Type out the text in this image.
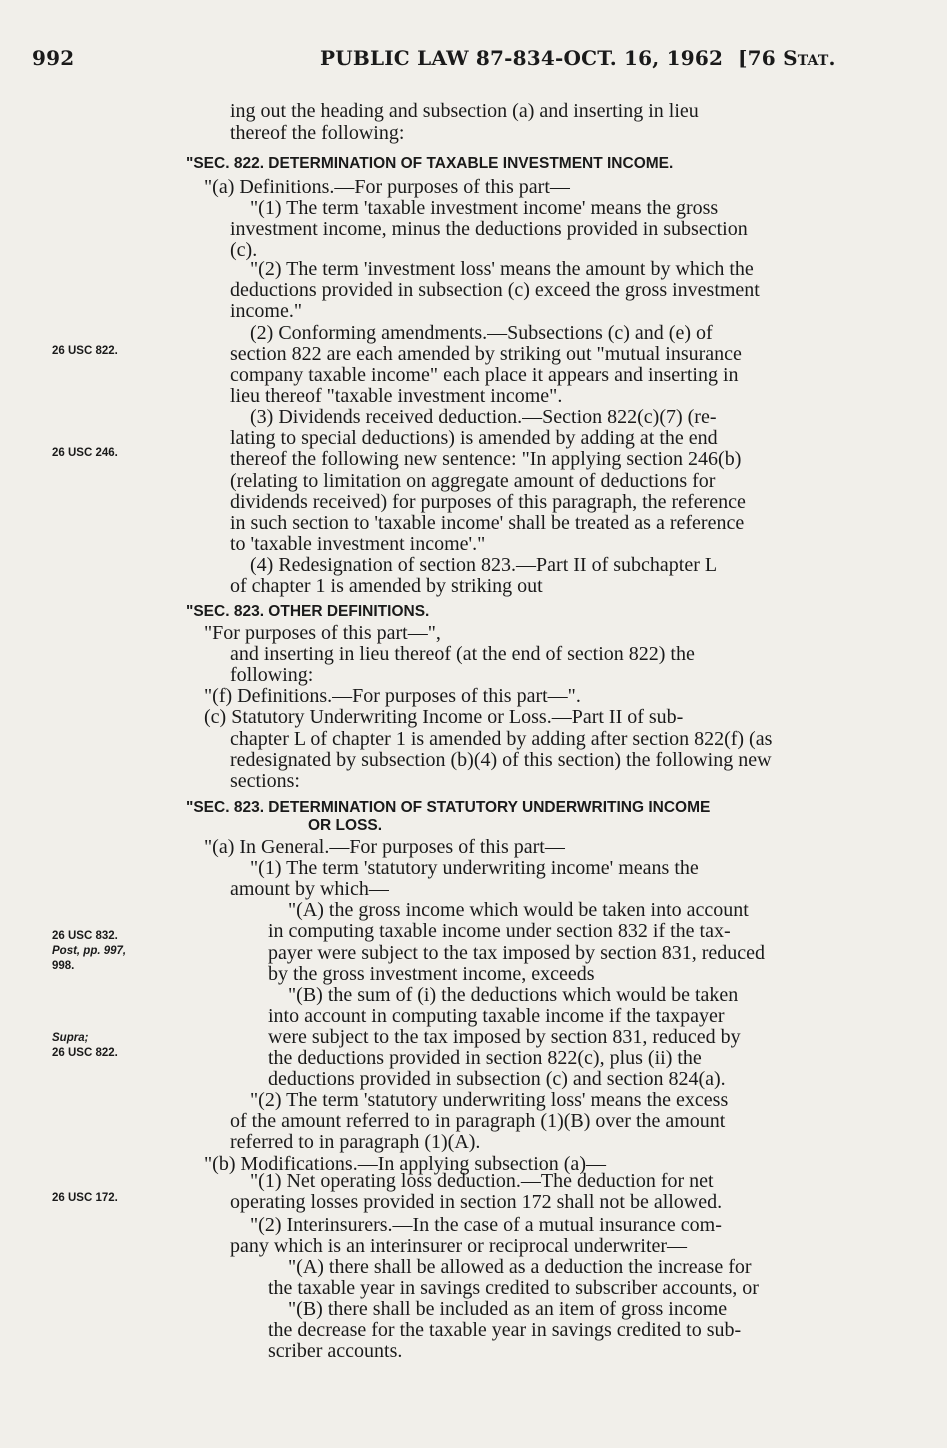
992	PUBLIC LAW 87-834-OCT. 16, 1962 [76 Stat.
26 USC 822.
26 USC 246.
26 USC 832.
Post, pp. 997,
998.
Supra;
26 USC 822.
26 USC 172.
ing out the heading and subsection (a) and inserting in lieu
thereof the following:
"SEC. 822. DETERMINATION OF TAXABLE INVESTMENT INCOME.
"(a) Definitions.—For purposes of this part—
"(1) The term 'taxable investment income' means the gross
investment income, minus the deductions provided in subsection
(c).
"(2) The term 'investment loss' means the amount by which the
deductions provided in subsection (c) exceed the gross investment
income."
(2) Conforming amendments.—Subsections (c) and (e) of
section 822 are each amended by striking out "mutual insurance
company taxable income" each place it appears and inserting in
lieu thereof "taxable investment income".
(3) Dividends received deduction.—Section 822(c)(7) (re-
lating to special deductions) is amended by adding at the end
thereof the following new sentence: "In applying section 246(b)
(relating to limitation on aggregate amount of deductions for
dividends received) for purposes of this paragraph, the reference
in such section to 'taxable income' shall be treated as a reference
to 'taxable investment income'."
(4) Redesignation of section 823.—Part II of subchapter L
of chapter 1 is amended by striking out
"SEC. 823. OTHER DEFINITIONS.
"For purposes of this part—",
and inserting in lieu thereof (at the end of section 822) the
following:
"(f) Definitions.—For purposes of this part—".
(c) Statutory Underwriting Income or Loss.—Part II of sub-
chapter L of chapter 1 is amended by adding after section 822(f) (as
redesignated by subsection (b)(4) of this section) the following new
sections:
"SEC. 823. DETERMINATION OF STATUTORY UNDERWRITING INCOME
OR LOSS.
"(a) In General.—For purposes of this part—
"(1) The term 'statutory underwriting income' means the
amount by which—
"(A) the gross income which would be taken into account
in computing taxable income under section 832 if the tax-
payer were subject to the tax imposed by section 831, reduced
by the gross investment income, exceeds
"(B) the sum of (i) the deductions which would be taken
into account in computing taxable income if the taxpayer
were subject to the tax imposed by section 831, reduced by
the deductions provided in section 822(c), plus (ii) the
deductions provided in subsection (c) and section 824(a).
"(2) The term 'statutory underwriting loss' means the excess
of the amount referred to in paragraph (1)(B) over the amount
referred to in paragraph (1)(A).
"(b) Modifications.—In applying subsection (a)—
"(1) Net operating loss deduction.—The deduction for net
operating losses provided in section 172 shall not be allowed.
"(2) Interinsurers.—In the case of a mutual insurance com-
pany which is an interinsurer or reciprocal underwriter—
"(A) there shall be allowed as a deduction the increase for
the taxable year in savings credited to subscriber accounts, or
"(B) there shall be included as an item of gross income
the decrease for the taxable year in savings credited to sub-
scriber accounts.
